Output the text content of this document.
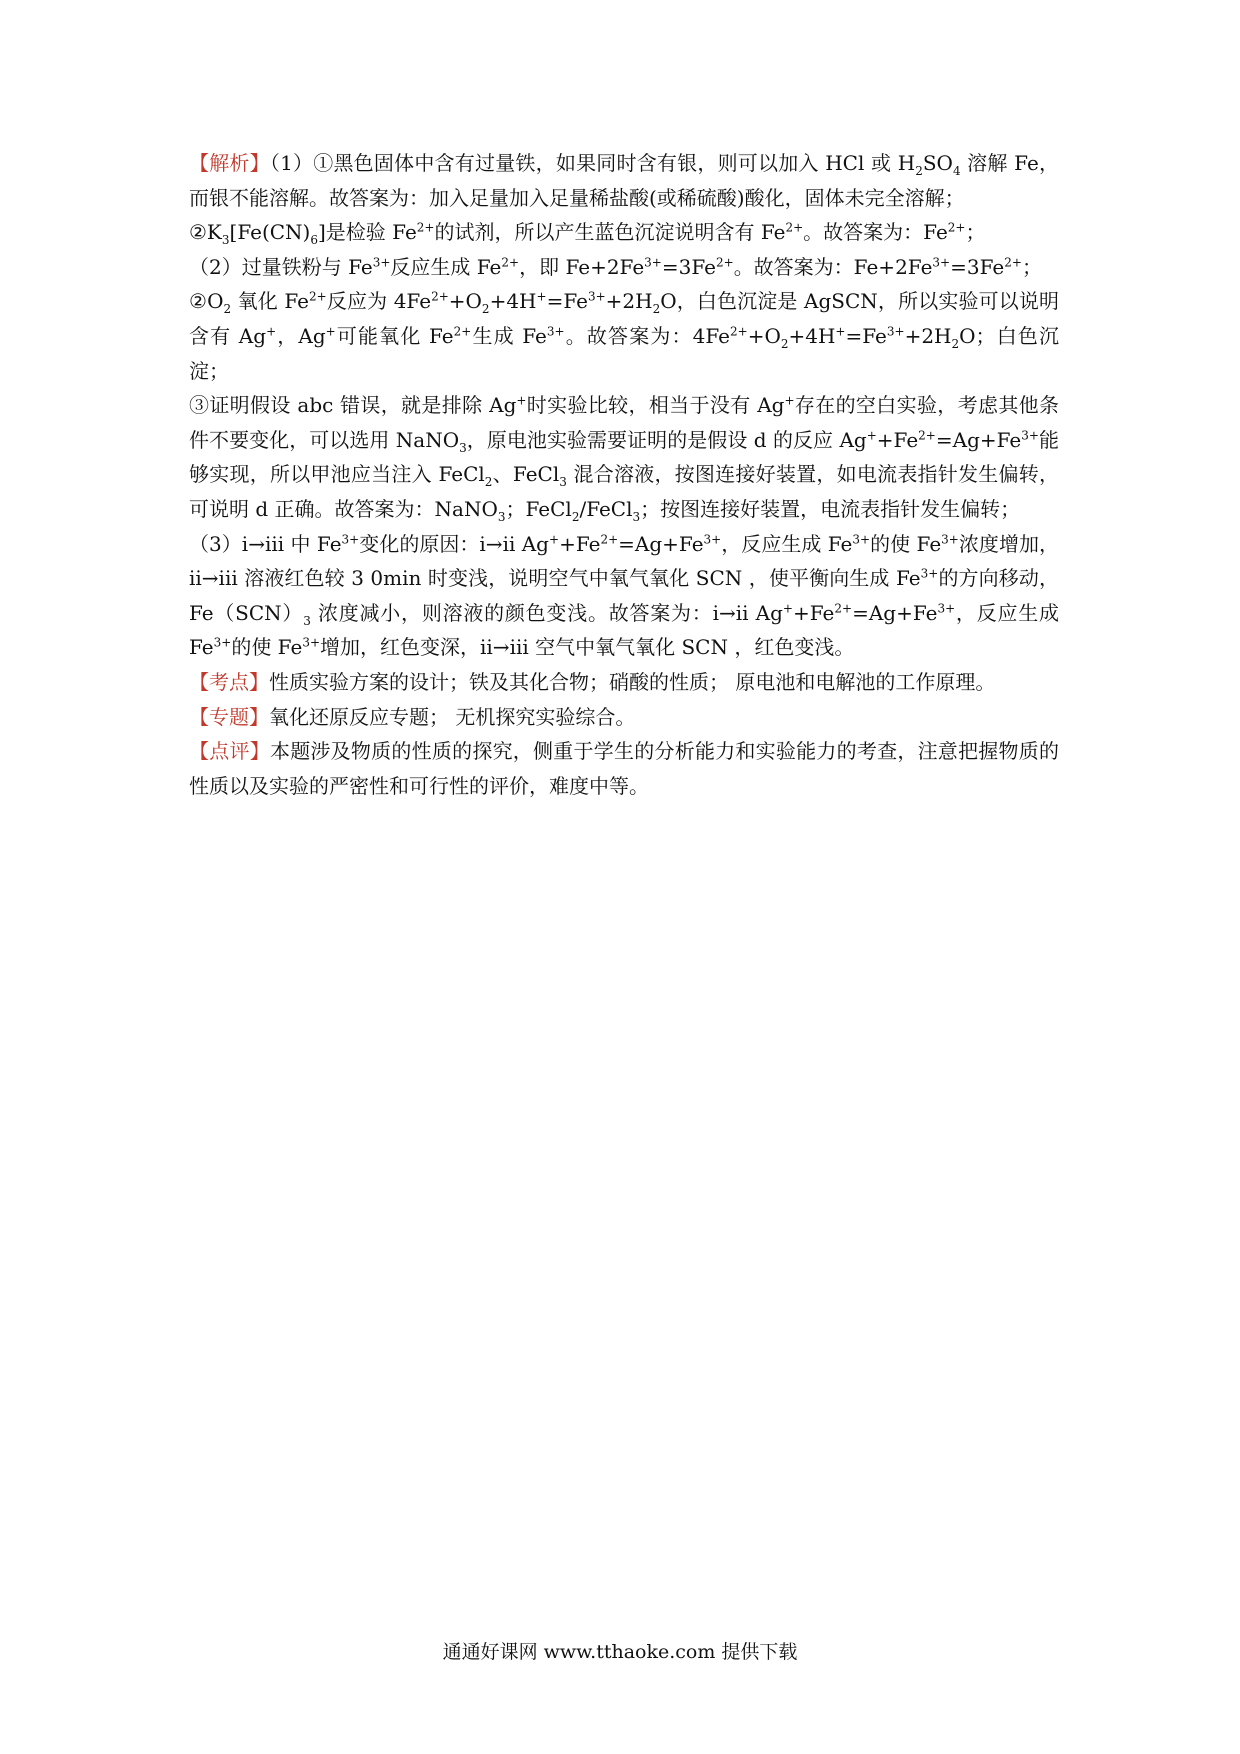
【解析】（1）①黑色固体中含有过量铁，如果同时含有银，则可以加入 HCl 或 $H_2SO_4$ 溶解 Fe，而银不能溶解。故答案为：加入足量加入足量稀盐酸(或稀硫酸)酸化，固体未完全溶解；

$②K_3[Fe(CN)_6]$是检验 $Fe^{2+}$的试剂，所以产生蓝色沉淀说明含有 $Fe^{2+}$。故答案为：$Fe^{2+}$；

（2）过量铁粉与 $Fe^{3+}$反应生成 $Fe^{2+}$，即 $Fe+2Fe^{3+}=3Fe^{2+}$。故答案为：$Fe+2Fe^{3+}=3Fe^{2+}$；

$②O_2$ 氧化 $Fe^{2+}$反应为 $4Fe^{2+}+O_2+4H^+=Fe^{3+}+2H_2O$，白色沉淀是 AgSCN，所以实验可以说明含有 Ag+，Ag+可能氧化 $Fe^{2+}$生成 $Fe^{3+}$。故答案为：$4Fe^{2+}+O_2+4H^+=Fe^{3+}+2H_2O$；白色沉淀；

③证明假设 abc 错误，就是排除 Ag+时实验比较，相当于没有 Ag+存在的空白实验，考虑其他条件不要变化，可以选用 NaNO$_3$，原电池实验需要证明的是假设 d 的反应 $Ag^++Fe^{2+}=Ag+Fe^{3+}$能够实现，所以甲池应当注入 FeCl$_2$、FeCl$_3$ 混合溶液，按图连接好装置，如电流表指针发生偏转，可说明 d 正确。故答案为：NaNO$_3$；FeCl$_2$/FeCl$_3$；按图连接好装置，电流表指针发生偏转；

（3）i→iii 中 $Fe^{3+}$变化的原因：i→ii $Ag^++Fe^{2+}=Ag+Fe^{3+}$，反应生成 $Fe^{3+}$的使 $Fe^{3+}$浓度增加，ii→iii 溶液红色较 3 0min 时变浅，说明空气中氧气氧化 SCN ，使平衡向生成 $Fe^{3+}$的方向移动，$Fe(SCN)_3$ 浓度减小，则溶液的颜色变浅。故答案为：i→ii $Ag^++Fe^{2+}=Ag+Fe^{3+}$，反应生成 $Fe^{3+}$的使 $Fe^{3+}$增加，红色变深，ii→iii 空气中氧气氧化 SCN ，红色变浅。

【考点】性质实验方案的设计；铁及其化合物；硝酸的性质； 原电池和电解池的工作原理。

【专题】氧化还原反应专题； 无机探究实验综合。

【点评】本题涉及物质的性质的探究，侧重于学生的分析能力和实验能力的考查，注意把握物质的性质以及实验的严密性和可行性的评价，难度中等。

通通好课网 www.tthaoke.com 提供下载
